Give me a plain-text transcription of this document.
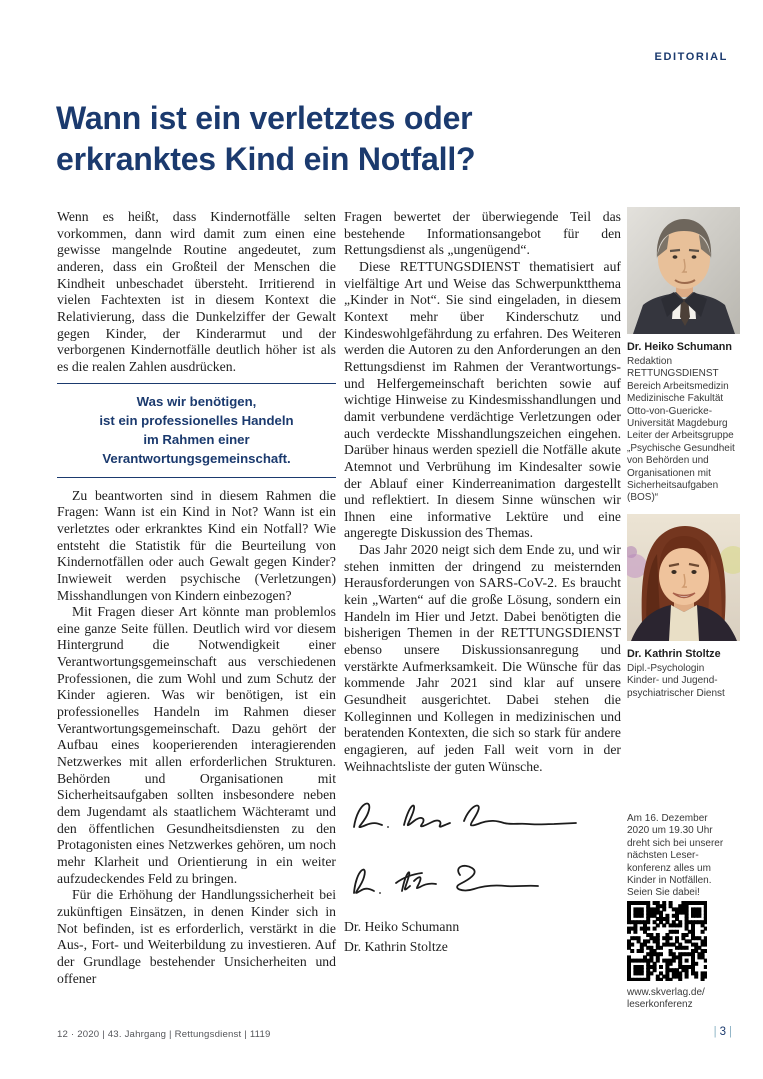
EDITORIAL
Wann ist ein verletztes oder
erkranktes Kind ein Notfall?

Wenn es heißt, dass Kindernotfälle selten vorkommen, dann wird damit zum einen eine gewisse mangelnde Routine angedeutet, zum anderen, dass ein Großteil der Menschen die Kindheit unbeschadet übersteht. Irritierend in vielen Fachtexten ist in diesem Kontext die Relativierung, dass die Dunkelziffer der Gewalt gegen Kinder, der Kinderarmut und der verborgenen Kindernotfälle deutlich höher ist als es die realen Zahlen ausdrücken.

Was wir benötigen,
ist ein professionelles Handeln
im Rahmen einer Verantwortungsgemeinschaft.
Zu beantworten sind in diesem Rahmen die Fragen: Wann ist ein Kind in Not? Wann ist ein verletztes oder erkranktes Kind ein Notfall? Wie entsteht die Statistik für die Beurteilung von Kindernotfällen oder auch Gewalt gegen Kinder? Inwieweit werden psychische (Verletzungen) Misshandlungen von Kindern einbezogen?
Mit Fragen dieser Art könnte man problemlos eine ganze Seite füllen. Deutlich wird vor diesem Hintergrund die Notwendigkeit einer Verantwortungsgemeinschaft aus verschiedenen Professionen, die zum Wohl und zum Schutz der Kinder agieren. Was wir benötigen, ist ein professionelles Handeln im Rahmen dieser Verantwortungsgemeinschaft. Dazu gehört der Aufbau eines kooperierenden interagierenden Netzwerkes mit allen erforderlichen Strukturen. Behörden und Organisationen mit Sicherheitsaufgaben sollten insbesondere neben dem Jugendamt als staatlichem Wächteramt und den öffentlichen Gesundheitsdiensten zu den Protagonisten eines Netzwerkes gehören, um noch mehr Klarheit und Orientierung in ein weiter aufzudeckendes Feld zu bringen.
Für die Erhöhung der Handlungssicherheit bei zukünftigen Einsätzen, in denen Kinder sich in Not befinden, ist es erforderlich, verstärkt in die Aus-, Fort- und Weiterbildung zu investieren. Auf der Grundlage bestehender Unsicherheiten und offener

Fragen bewertet der überwiegende Teil das bestehende Informationsangebot für den Rettungsdienst als „ungenügend“.

Diese RETTUNGSDIENST thematisiert auf vielfältige Art und Weise das Schwerpunktthema „Kinder in Not“. Sie sind eingeladen, in diesem Kontext mehr über Kinderschutz und Kindeswohlgefährdung zu erfahren. Des Weiteren werden die Autoren zu den Anforderungen an den Rettungsdienst im Rahmen der Verantwortungs- und Helfergemeinschaft berichten sowie auf wichtige Hinweise zu Kindesmisshandlungen und damit verbundene verdächtige Verletzungen oder auch verdeckte Misshandlungszeichen eingehen. Darüber hinaus werden speziell die Notfälle akute Atemnot und Verbrühung im Kindesalter sowie der Ablauf einer Kinderreanimation dargestellt und reflektiert. In diesem Sinne wünschen wir Ihnen eine informative Lektüre und eine angeregte Diskussion des Themas.
Das Jahr 2020 neigt sich dem Ende zu, und wir stehen inmitten der dringend zu meisternden Herausforderungen von SARS-CoV-2. Es braucht kein „Warten“ auf die große Lösung, sondern ein Handeln im Hier und Jetzt. Dabei benötigten die bisherigen Themen in der RETTUNGSDIENST ebenso unsere Diskussionsanregung und verstärkte Aufmerksamkeit. Die Wünsche für das kommende Jahr 2021 sind klar auf unsere Gesundheit ausgerichtet. Dabei stehen die Kolleginnen und Kollegen in medizinischen und beratenden Kontexten, die sich so stark für andere engagieren, auf jeden Fall weit vorn in der Weihnachtsliste der guten Wünsche.
Dr. Heiko Schumann
Dr. Kathrin Stoltze
Dr. Heiko Schumann
Redaktion
RETTUNGSDIENST
Bereich Arbeitsmedizin
Medizinische Fakultät
Otto-von-Guericke-
Universität Magdeburg
Leiter der Arbeitsgruppe
„Psychische Gesundheit
von Behörden und
Organisationen mit
Sicherheitsaufgaben
(BOS)“
Dr. Kathrin Stoltze
Dipl.-Psychologin
Kinder- und Jugend-
psychiatrischer Dienst
Am 16. Dezember
2020 um 19.30 Uhr
dreht sich bei unserer
nächsten Leser-
konferenz alles um
Kinder in Notfällen.
Seien Sie dabei!
www.skverlag.de/
leserkonferenz
12 · 2020 | 43. Jahrgang | Rettungsdienst | 1119	| 3 |
